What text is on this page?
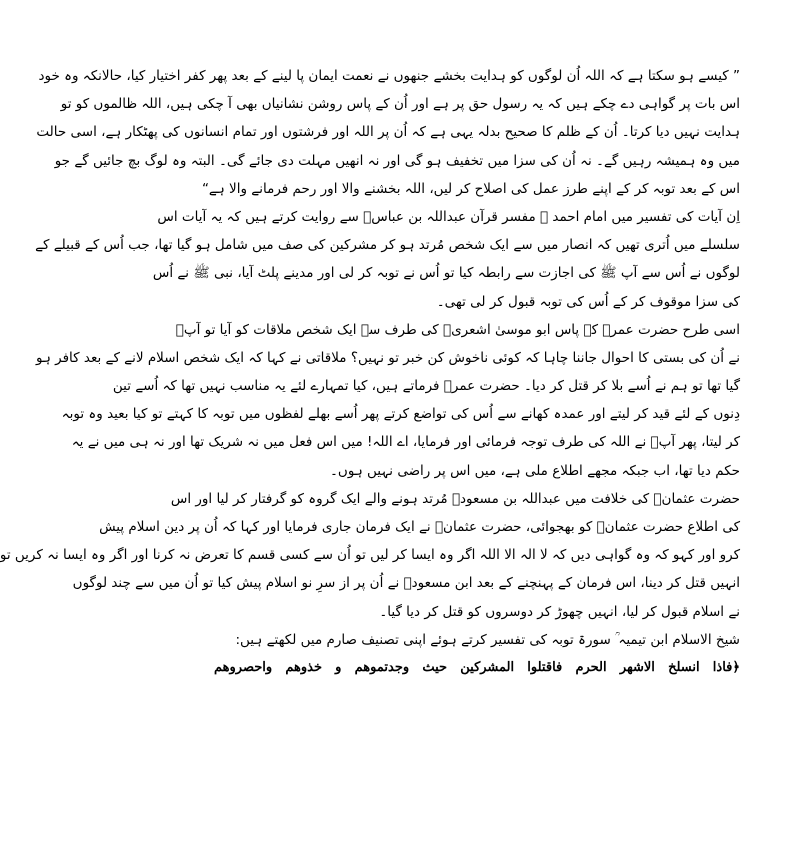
” کیسے ہو سکتا ہے کہ اللہ اُن لوگوں کو ہدایت بخشے جنھوں نے نعمت ایمان پا لینے کے بعد پھر کفر اختیار کیا، حالانکہ وہ خود
اس بات پر گواہی دے چکے ہیں کہ یہ رسول حق پر ہے اور اُن کے پاس روشن نشانیاں بھی آ چکی ہیں، اللہ ظالموں کو تو
ہدایت نہیں دیا کرتا۔ اُن کے ظلم کا صحیح بدلہ یہی ہے کہ اُن پر اللہ اور فرشتوں اور تمام انسانوں کی پھٹکار ہے، اسی حالت
میں وہ ہمیشہ رہیں گے۔ نہ اُن کی سزا میں تخفیف ہو گی اور نہ انھیں مہلت دی جائے گی۔ البتہ وہ لوگ بچ جائیں گے جو
اس کے بعد توبہ کر کے اپنے طرز عمل کی اصلاح کر لیں، اللہ بخشنے والا اور رحم فرمانے والا ہے“
اِن آیات کی تفسیر میں امام احمد ؒ مفسر قرآن عبداللہ بن عباسؓ سے روایت کرتے ہیں کہ یہ آیات اس
سلسلے میں اُتری تھیں کہ انصار میں سے ایک شخص مُرتد ہو کر مشرکین کی صف میں شامل ہو گیا تھا، جب اُس کے قبیلے کے
لوگوں نے اُس سے آپ ﷺ کی اجازت سے رابطہ کیا تو اُس نے توبہ کر لی اور مدینے پلٹ آیا، نبی ﷺ نے اُس
کی سزا موقوف کر کے اُس کی توبہ قبول کر لی تھی۔
اسی طرح حضرت عمرؓ کے پاس ابو موسیٰ اشعریؓ کی طرف سے ایک شخص ملاقات کو آیا تو آپؓ
نے اُن کی بستی کا احوال جاننا چاہا کہ کوئی ناخوش کن خبر تو نہیں؟ ملاقاتی نے کہا کہ ایک شخص اسلام لانے کے بعد کافر ہو
گیا تھا تو ہم نے اُسے بلا کر قتل کر دیا۔ حضرت عمرؓ فرماتے ہیں، کیا تمہارے لئے یہ مناسب نہیں تھا کہ اُسے تین
دِنوں کے لئے قید کر لیتے اور عمدہ کھانے سے اُس کی تواضع کرتے پھر اُسے بھلے لفظوں میں توبہ کا کہتے تو کیا بعید وہ توبہ
کر لیتا، پھر آپؓ نے اللہ کی طرف توجہ فرمائی اور فرمایا، اے اللہ! میں اس فعل میں نہ شریک تھا اور نہ ہی میں نے یہ
حکم دیا تھا، اب جبکہ مجھے اطلاع ملی ہے، میں اس پر راضی نہیں ہوں۔
حضرت عثمانؓ کی خلافت میں عبداللہ بن مسعودؓ مُرتد ہونے والے ایک گروہ کو گرفتار کر لیا اور اس
کی اطلاع حضرت عثمانؓ کو بھجوائی، حضرت عثمانؓ نے ایک فرمان جاری فرمایا اور کہا کہ اُن پر دین اسلام پیش
کرو اور کہو کہ وہ گواہی دیں کہ لا الہ الا اللہ اگر وہ ایسا کر لیں تو اُن سے کسی قسم کا تعرض نہ کرنا اور اگر وہ ایسا نہ کریں تو
انہیں قتل کر دینا، اس فرمان کے پہنچنے کے بعد ابن مسعودؓ نے اُن پر از سرِ نو اسلام پیش کیا تو اُن میں سے چند لوگوں
نے اسلام قبول کر لیا، انہیں چھوڑ کر دوسروں کو قتل کر دیا گیا۔
شیخ الاسلام ابن تیمیہ ؒ سورۃ توبہ کی تفسیر کرتے ہوئے اپنی تصنیف صارم میں لکھتے ہیں:
﴿فاذا انسلخ الاشهر الحرم فاقتلوا المشركين حيث وجدتموهم و خذوهم واحصروهم
